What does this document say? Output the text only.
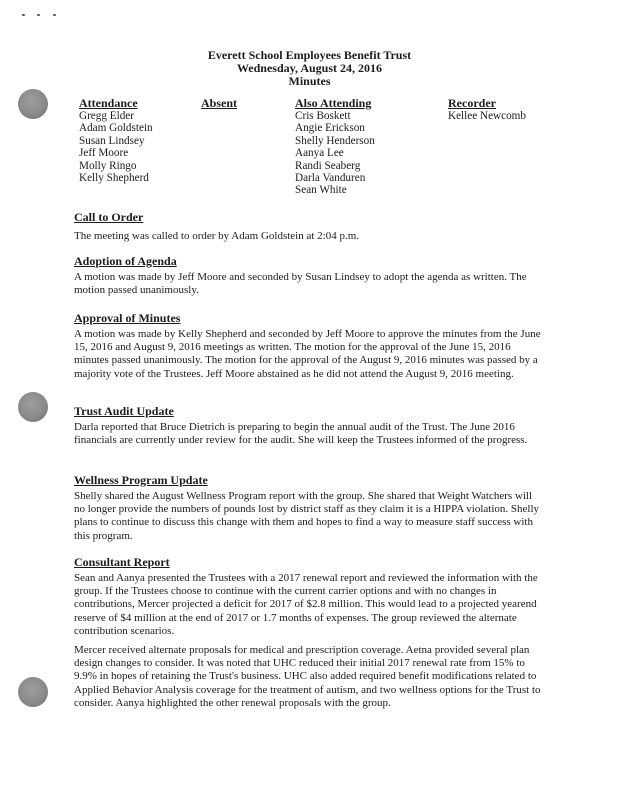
Everett School Employees Benefit Trust
Wednesday, August 24, 2016
Minutes
Attendance
Gregg Elder
Adam Goldstein
Susan Lindsey
Jeff Moore
Molly Ringo
Kelly Shepherd
Absent	Also Attending
Cris Boskett
Angie Erickson
Shelly Henderson
Aanya Lee
Randi Seaberg
Darla Vanduren
Sean White
Recorder
Kellee Newcomb
Call to Order

The meeting was called to order by Adam Goldstein at 2:04 p.m.

Adoption of Agenda

A motion was made by Jeff Moore and seconded by Susan Lindsey to adopt the agenda as written. The motion passed unanimously.

Approval of Minutes

A motion was made by Kelly Shepherd and seconded by Jeff Moore to approve the minutes from the June 15, 2016 and August 9, 2016 meetings as written. The motion for the approval of the June 15, 2016 minutes passed unanimously. The motion for the approval of the August 9, 2016 minutes was passed by a majority vote of the Trustees. Jeff Moore abstained as he did not attend the August 9, 2016 meeting.

Trust Audit Update

Darla reported that Bruce Dietrich is preparing to begin the annual audit of the Trust. The June 2016 financials are currently under review for the audit. She will keep the Trustees informed of the progress.

Wellness Program Update

Shelly shared the August Wellness Program report with the group. She shared that Weight Watchers will no longer provide the numbers of pounds lost by district staff as they claim it is a HIPPA violation. Shelly plans to continue to discuss this change with them and hopes to find a way to measure staff success with this program.

Consultant Report

Sean and Aanya presented the Trustees with a 2017 renewal report and reviewed the information with the group. If the Trustees choose to continue with the current carrier options and with no changes in contributions, Mercer projected a deficit for 2017 of $2.8 million. This would lead to a projected yearend reserve of $4 million at the end of 2017 or 1.7 months of expenses. The group reviewed the alternate contribution scenarios.

Mercer received alternate proposals for medical and prescription coverage. Aetna provided several plan design changes to consider. It was noted that UHC reduced their initial 2017 renewal rate from 15% to 9.9% in hopes of retaining the Trust's business. UHC also added required benefit modifications related to Applied Behavior Analysis coverage for the treatment of autism, and two wellness options for the Trust to consider. Aanya highlighted the other renewal proposals with the group.
